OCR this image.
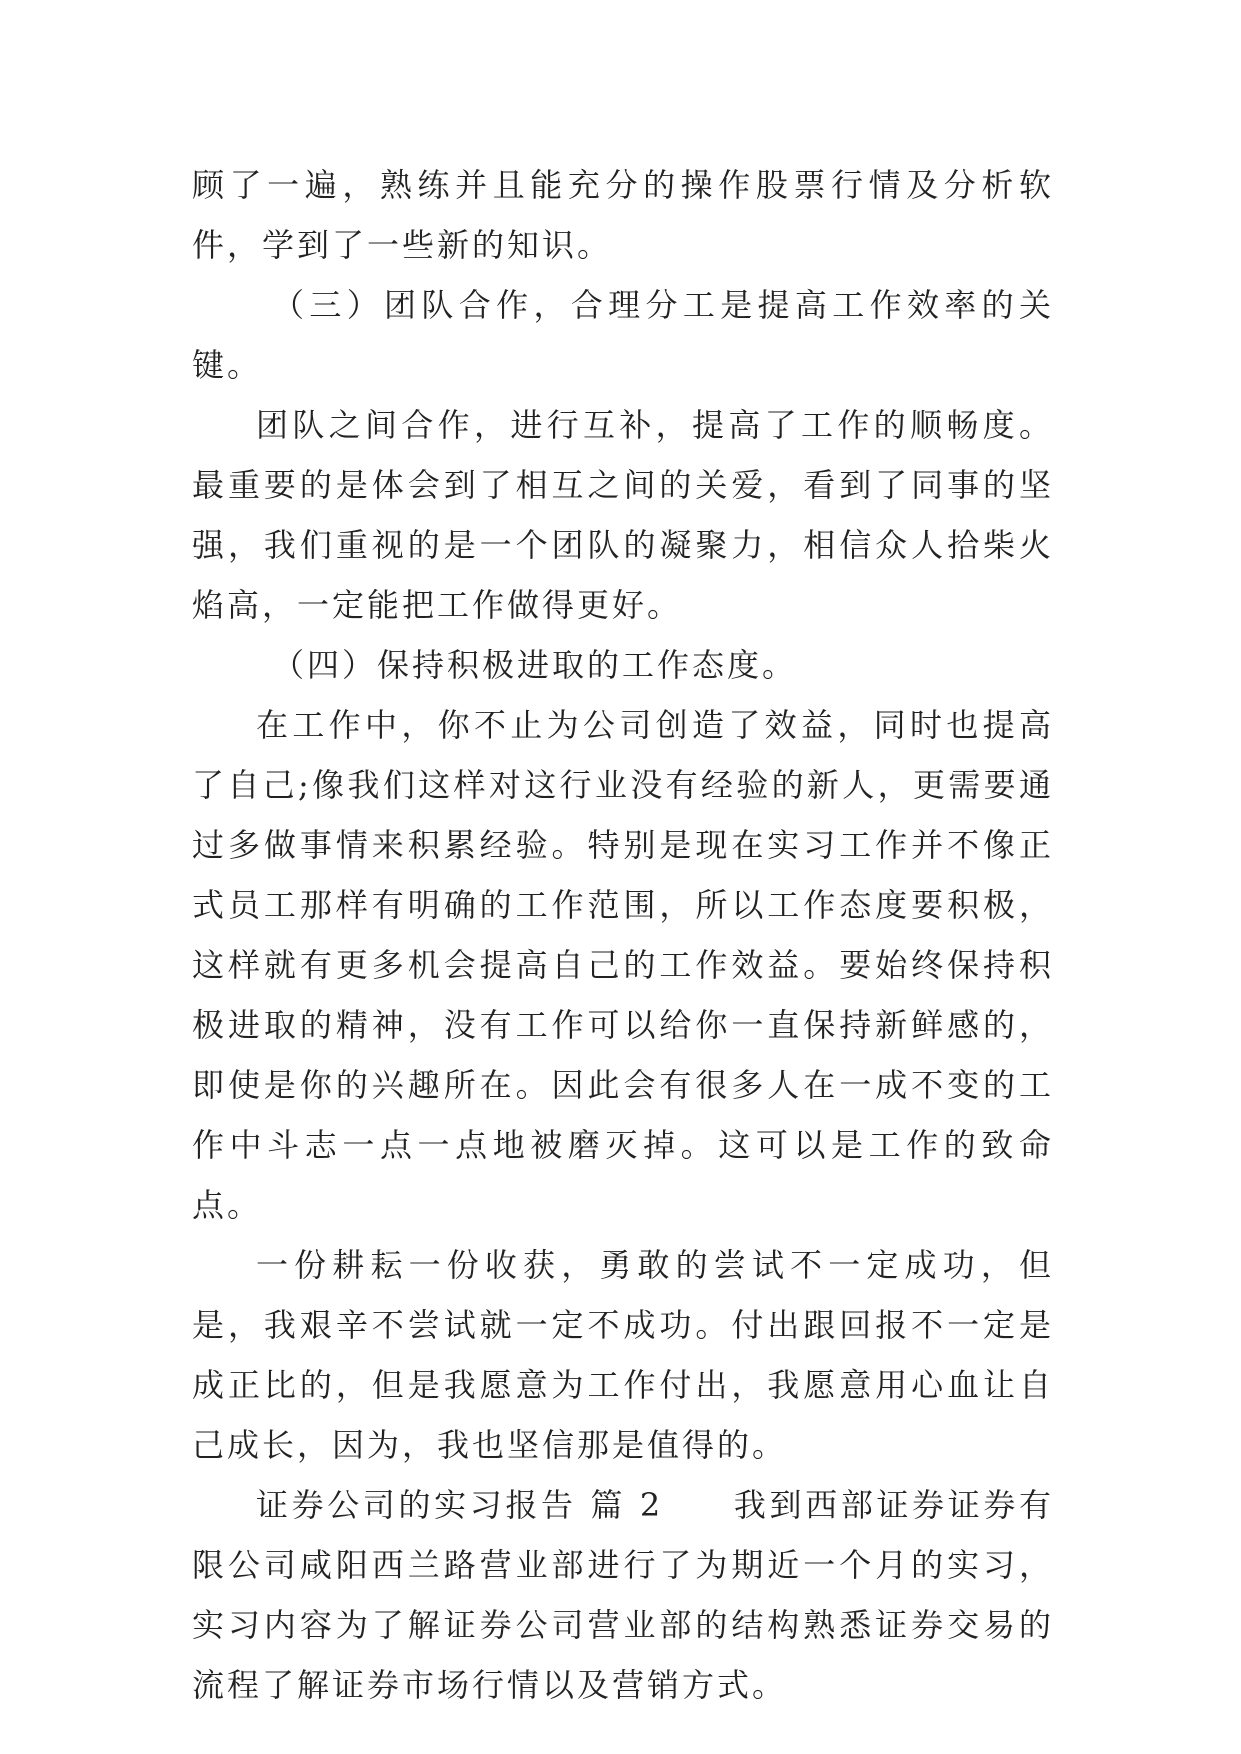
顾了一遍，熟练并且能充分的操作股票行情及分析软件，学到了一些新的知识。

（三）团队合作，合理分工是提高工作效率的关键。

团队之间合作，进行互补，提高了工作的顺畅度。最重要的是体会到了相互之间的关爱，看到了同事的坚强，我们重视的是一个团队的凝聚力，相信众人拾柴火焰高，一定能把工作做得更好。

（四）保持积极进取的工作态度。

在工作中，你不止为公司创造了效益，同时也提高了自己;像我们这样对这行业没有经验的新人，更需要通过多做事情来积累经验。特别是现在实习工作并不像正式员工那样有明确的工作范围，所以工作态度要积极，这样就有更多机会提高自己的工作效益。要始终保持积极进取的精神，没有工作可以给你一直保持新鲜感的，即使是你的兴趣所在。因此会有很多人在一成不变的工作中斗志一点一点地被磨灭掉。这可以是工作的致命点。

一份耕耘一份收获，勇敢的尝试不一定成功，但是，我艰辛不尝试就一定不成功。付出跟回报不一定是成正比的，但是我愿意为工作付出，我愿意用心血让自己成长，因为，我也坚信那是值得的。

证券公司的实习报告 篇 2 我到西部证券证券有限公司咸阳西兰路营业部进行了为期近一个月的实习，实习内容为了解证券公司营业部的结构熟悉证券交易的流程了解证券市场行情以及营销方式。
